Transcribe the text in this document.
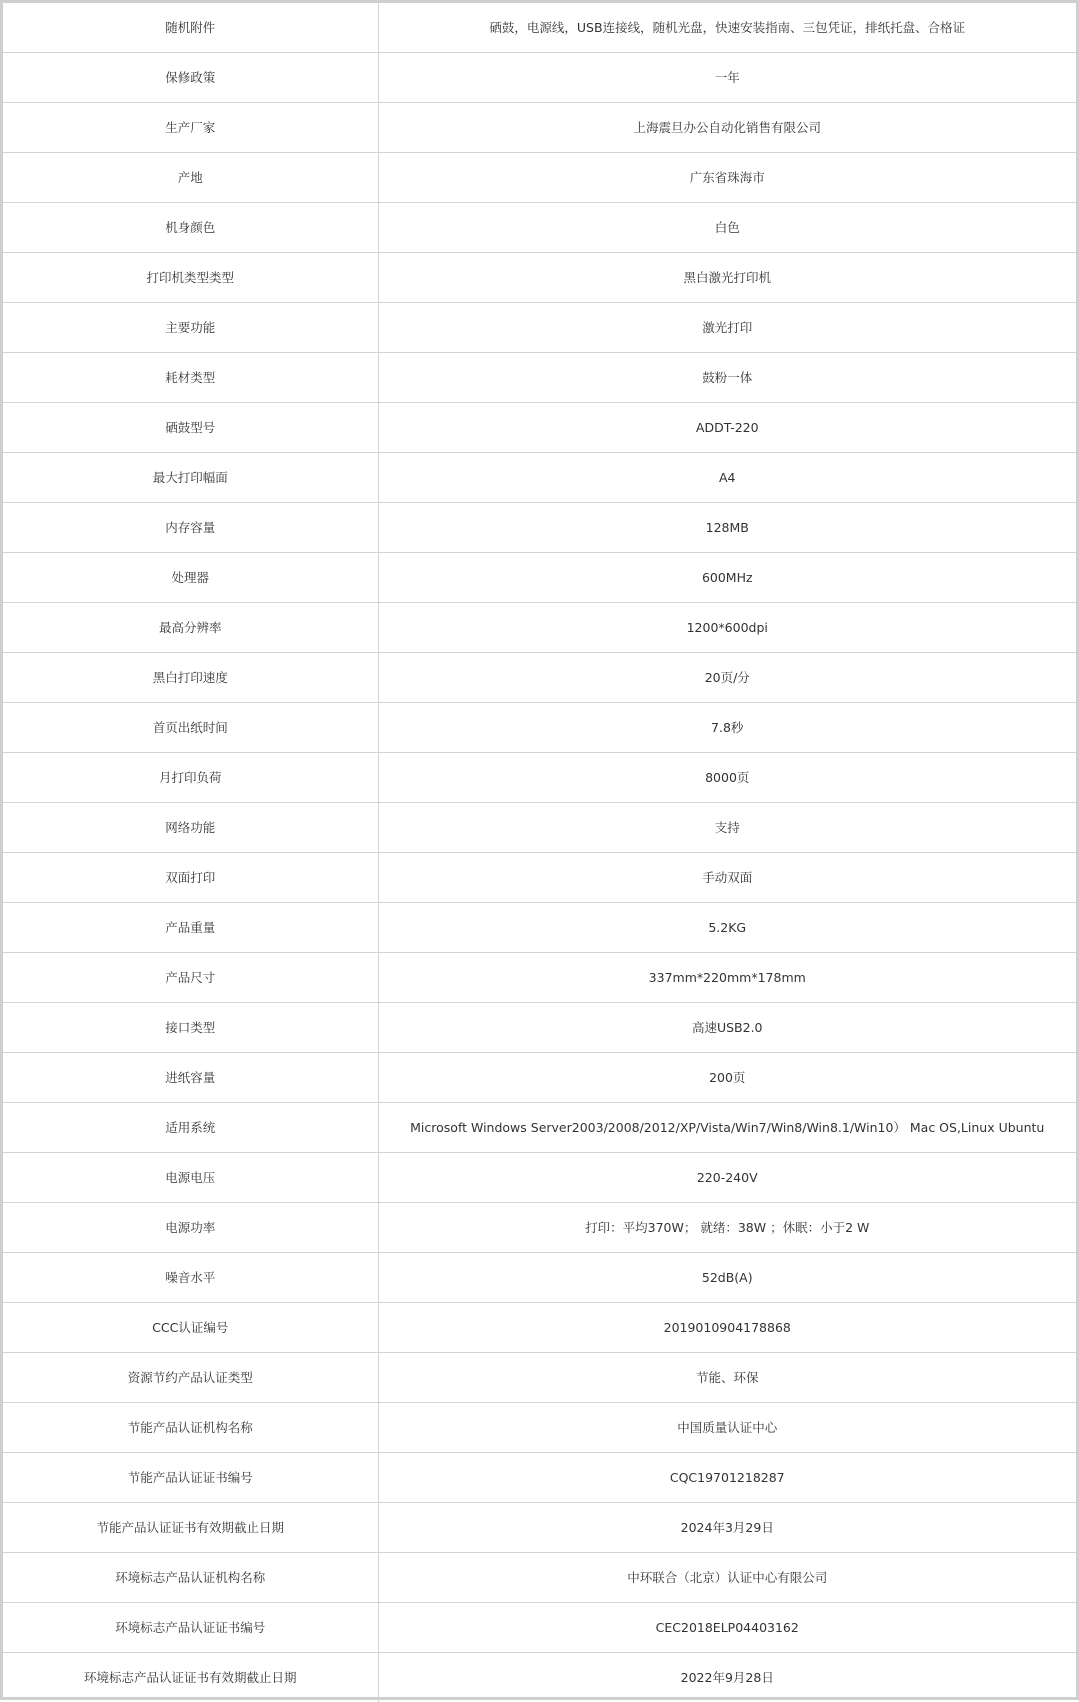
随机附件	硒鼓，电源线，USB连接线，随机光盘，快速安装指南、三包凭证，排纸托盘、合格证
保修政策	一年
生产厂家	上海震旦办公自动化销售有限公司
产地	广东省珠海市
机身颜色	白色
打印机类型类型	黑白激光打印机
主要功能	激光打印
耗材类型	鼓粉一体
硒鼓型号	ADDT-220
最大打印幅面	A4
内存容量	128MB
处理器	600MHz
最高分辨率	1200*600dpi
黑白打印速度	20页/分
首页出纸时间	7.8秒
月打印负荷	8000页
网络功能	支持
双面打印	手动双面
产品重量	5.2KG
产品尺寸	337mm*220mm*178mm
接口类型	高速USB2.0
进纸容量	200页
适用系统	Microsoft Windows Server2003/2008/2012/XP/Vista/Win7/Win8/Win8.1/Win10） Mac OS,Linux Ubuntu
电源电压	220-240V
电源功率	打印：平均370W； 就绪：38W ；休眠：小于2 W
噪音水平	52dB(A)
CCC认证编号	2019010904178868
资源节约产品认证类型	节能、环保
节能产品认证机构名称	中国质量认证中心
节能产品认证证书编号	CQC19701218287
节能产品认证证书有效期截止日期	2024年3月29日
环境标志产品认证机构名称	中环联合（北京）认证中心有限公司
环境标志产品认证证书编号	CEC2018ELP04403162
环境标志产品认证证书有效期截止日期	2022年9月28日
